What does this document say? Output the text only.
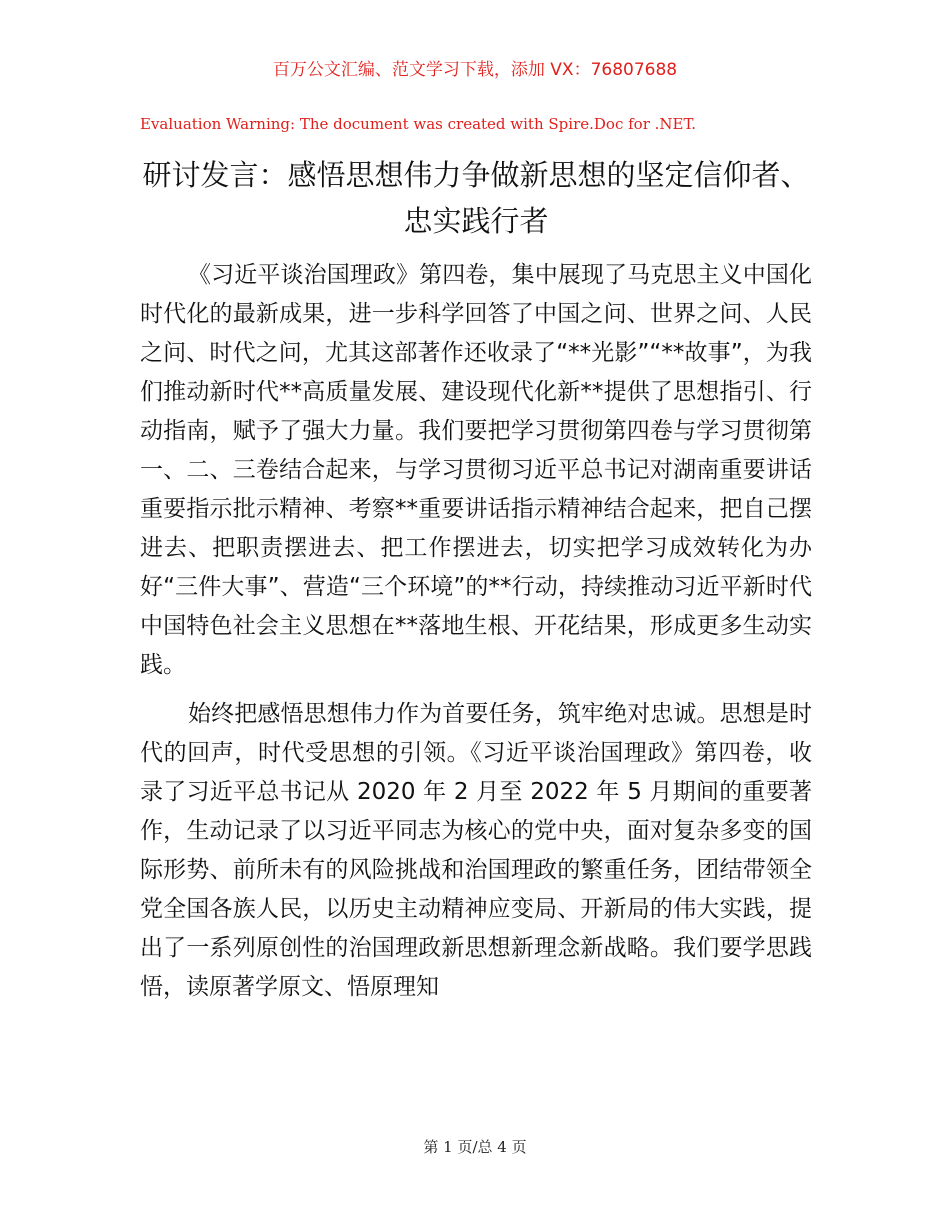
百万公文汇编、范文学习下载，添加 VX：76807688
Evaluation Warning: The document was created with Spire.Doc for .NET.
研讨发言：感悟思想伟力争做新思想的坚定信仰者、忠实践行者

《习近平谈治国理政》第四卷，集中展现了马克思主义中国化时代化的最新成果，进一步科学回答了中国之问、世界之问、人民之问、时代之问，尤其这部著作还收录了“**光影”“**故事”，为我们推动新时代**高质量发展、建设现代化新**提供了思想指引、行动指南，赋予了强大力量。我们要把学习贯彻第四卷与学习贯彻第一、二、三卷结合起来，与学习贯彻习近平总书记对湖南重要讲话重要指示批示精神、考察**重要讲话指示精神结合起来，把自己摆进去、把职责摆进去、把工作摆进去，切实把学习成效转化为办好“三件大事”、营造“三个环境”的**行动，持续推动习近平新时代中国特色社会主义思想在**落地生根、开花结果，形成更多生动实践。

始终把感悟思想伟力作为首要任务，筑牢绝对忠诚。思想是时代的回声，时代受思想的引领。《习近平谈治国理政》第四卷，收录了习近平总书记从 2020 年 2 月至 2022 年 5 月期间的重要著作，生动记录了以习近平同志为核心的党中央，面对复杂多变的国际形势、前所未有的风险挑战和治国理政的繁重任务，团结带领全党全国各族人民，以历史主动精神应变局、开新局的伟大实践，提出了一系列原创性的治国理政新思想新理念新战略。我们要学思践悟，读原著学原文、悟原理知

第 1 页/总 4 页
